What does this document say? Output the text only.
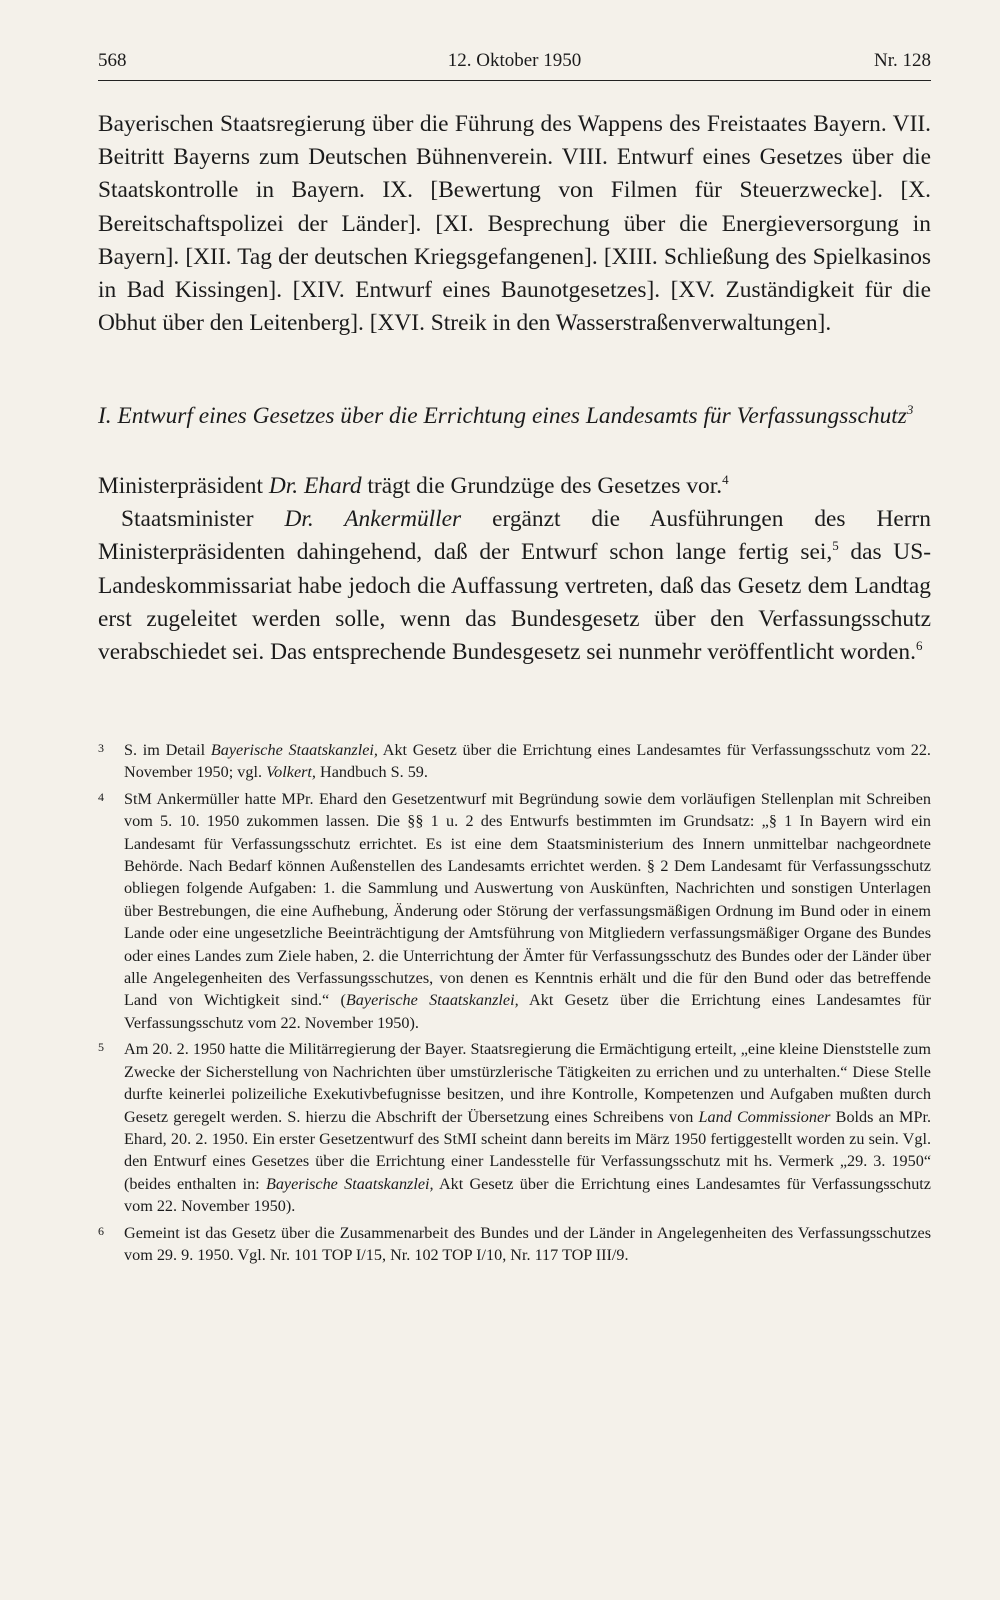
12. Oktober 1950
568	Nr. 128

Bayerischen Staatsregierung über die Führung des Wappens des Freistaates Bayern. VII. Beitritt Bayerns zum Deutschen Bühnenverein. VIII. Entwurf eines Gesetzes über die Staatskontrolle in Bayern. IX. [Bewertung von Filmen für Steuerzwecke]. [X. Bereitschaftspolizei der Länder]. [XI. Besprechung über die Energieversorgung in Bayern]. [XII. Tag der deutschen Kriegsgefangenen]. [XIII. Schließung des Spielkasinos in Bad Kissingen]. [XIV. Entwurf eines Baunotgesetzes]. [XV. Zuständigkeit für die Obhut über den Leitenberg]. [XVI. Streik in den Wasserstraßenverwaltungen].

I. Entwurf eines Gesetzes über die Errichtung eines Landesamts für Verfassungsschutz$^3$

Ministerpräsident Dr. Ehard trägt die Grundzüge des Gesetzes vor.$^4$

Staatsminister Dr. Ankermüller ergänzt die Ausführungen des Herrn Ministerpräsidenten dahingehend, daß der Entwurf schon lange fertig sei,$^5$ das US-Landeskommissariat habe jedoch die Auffassung vertreten, daß das Gesetz dem Landtag erst zugeleitet werden solle, wenn das Bundesgesetz über den Verfassungsschutz verabschiedet sei. Das entsprechende Bundesgesetz sei nunmehr veröffentlicht worden.$^6$

3 S. im Detail Bayerische Staatskanzlei, Akt Gesetz über die Errichtung eines Landesamtes für Verfassungsschutz vom 22. November 1950; vgl. Volkert, Handbuch S. 59.
4 StM Ankermüller hatte MPr. Ehard den Gesetzentwurf mit Begründung sowie dem vorläufigen Stellenplan mit Schreiben vom 5. 10. 1950 zukommen lassen. Die §§ 1 u. 2 des Entwurfs bestimmten im Grundsatz: „§ 1 In Bayern wird ein Landesamt für Verfassungsschutz errichtet. Es ist eine dem Staatsministerium des Innern unmittelbar nachgeordnete Behörde. Nach Bedarf können Außenstellen des Landesamts errichtet werden. § 2 Dem Landesamt für Verfassungsschutz obliegen folgende Aufgaben: 1. die Sammlung und Auswertung von Auskünften, Nachrichten und sonstigen Unterlagen über Bestrebungen, die eine Aufhebung, Änderung oder Störung der verfassungsmäßigen Ordnung im Bund oder in einem Lande oder eine ungesetzliche Beeinträchtigung der Amtsführung von Mitgliedern verfassungsmäßiger Organe des Bundes oder eines Landes zum Ziele haben, 2. die Unterrichtung der Ämter für Verfassungsschutz des Bundes oder der Länder über alle Angelegenheiten des Verfassungsschutzes, von denen es Kenntnis erhält und die für den Bund oder das betreffende Land von Wichtigkeit sind.“ (Bayerische Staatskanzlei, Akt Gesetz über die Errichtung eines Landesamtes für Verfassungsschutz vom 22. November 1950).
5 Am 20. 2. 1950 hatte die Militärregierung der Bayer. Staatsregierung die Ermächtigung erteilt, „eine kleine Dienststelle zum Zwecke der Sicherstellung von Nachrichten über umstürzlerische Tätigkeiten zu errichen und zu unterhalten.“ Diese Stelle durfte keinerlei polizeiliche Exekutivbefugnisse besitzen, und ihre Kontrolle, Kompetenzen und Aufgaben mußten durch Gesetz geregelt werden. S. hierzu die Abschrift der Übersetzung eines Schreibens von Land Commissioner Bolds an MPr. Ehard, 20. 2. 1950. Ein erster Gesetzentwurf des StMI scheint dann bereits im März 1950 fertiggestellt worden zu sein. Vgl. den Entwurf eines Gesetzes über die Errichtung einer Landesstelle für Verfassungsschutz mit hs. Vermerk „29. 3. 1950“ (beides enthalten in: Bayerische Staatskanzlei, Akt Gesetz über die Errichtung eines Landesamtes für Verfassungsschutz vom 22. November 1950).
6 Gemeint ist das Gesetz über die Zusammenarbeit des Bundes und der Länder in Angelegenheiten des Verfassungsschutzes vom 29. 9. 1950. Vgl. Nr. 101 TOP I/15, Nr. 102 TOP I/10, Nr. 117 TOP III/9.
